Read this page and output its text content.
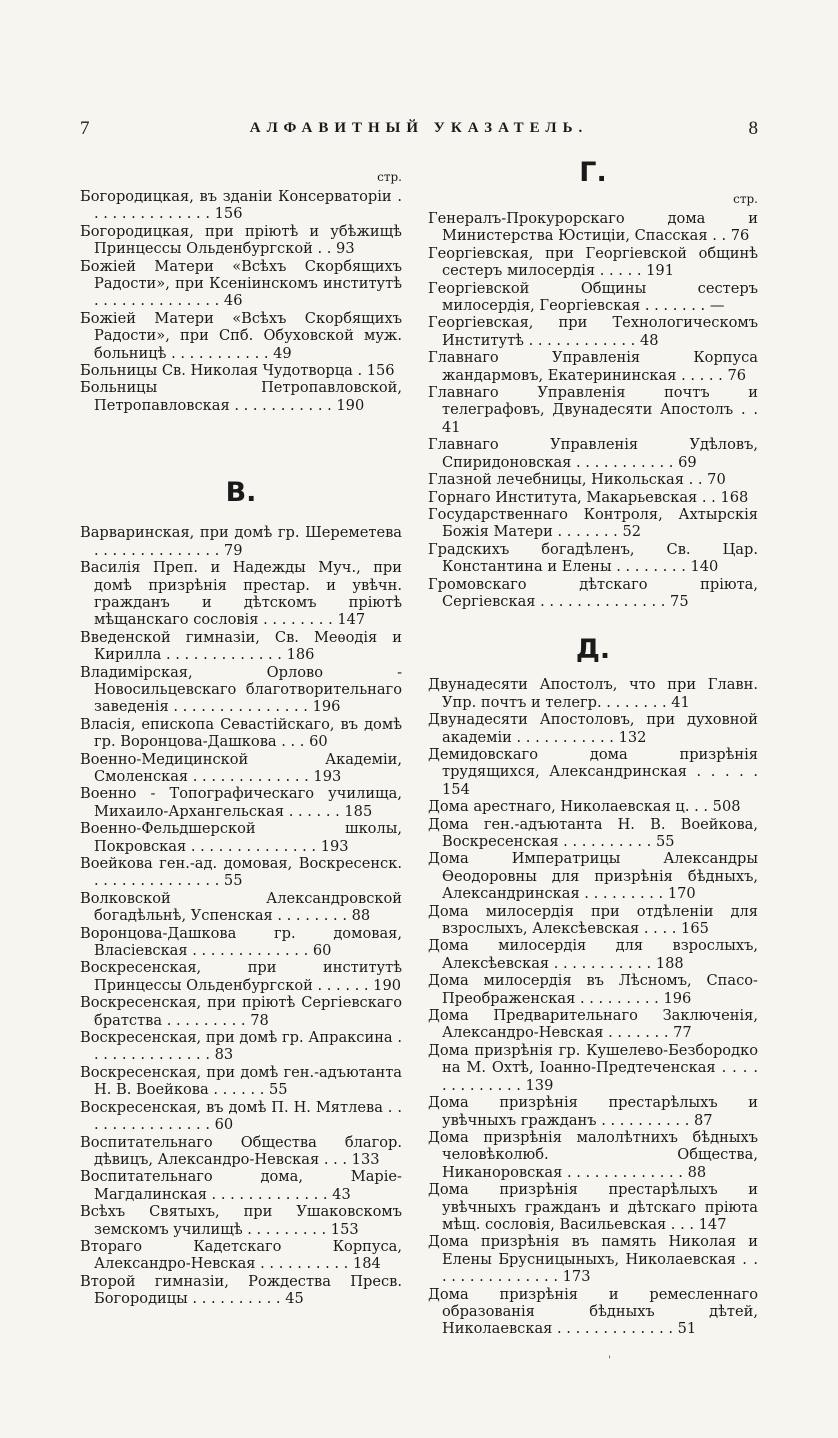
7	АЛФАВИТНЫЙ УКАЗАТЕЛЬ.	8
стр.

Богородицкая, въ зданіи Консерваторіи . . . . . . . . . . . . . . 156

Богородицкая, при пріютѣ и убѣжищѣ Принцессы Ольденбургской . . 93

Божіей Матери «Всѣхъ Скорбящихъ Радости», при Ксеніинскомъ институтѣ . . . . . . . . . . . . . . 46

Божіей Матери «Всѣхъ Скорбящихъ Радости», при Спб. Обуховской муж. больницѣ . . . . . . . . . . . 49

Больницы Св. Николая Чудотворца . 156

Больницы Петропавловской, Петропавловская . . . . . . . . . . . 190

В.

Варваринская, при домѣ гр. Шереметева . . . . . . . . . . . . . . 79

Василія Преп. и Надежды Муч., при домѣ призрѣнія престар. и увѣчн. гражданъ и дѣтскомъ пріютѣ мѣщанскаго сословія . . . . . . . . 147

Введенской гимназіи, Св. Меѳодія и Кирилла . . . . . . . . . . . . . 186

Владимірская, Орлово - Новосильцевскаго благотворительнаго заведенія . . . . . . . . . . . . . . . 196

Власія, епископа Севастійскаго, въ домѣ гр. Воронцова-Дашкова . . . 60

Военно-Медицинской Академіи, Смоленская . . . . . . . . . . . . . 193

Военно - Топографическаго училища, Михаило-Архангельская . . . . . . 185

Военно-Фельдшерской школы, Покровская . . . . . . . . . . . . . . 193

Воейкова ген.-ад. домовая, Воскресенск. . . . . . . . . . . . . . . 55

Волковской Александровской богадѣльнѣ, Успенская . . . . . . . . 88

Воронцова-Дашкова гр. домовая, Власіевская . . . . . . . . . . . . . 60

Воскресенская, при институтѣ Принцессы Ольденбургской . . . . . . 190

Воскресенская, при пріютѣ Сергіевскаго братства . . . . . . . . . 78

Воскресенская, при домѣ гр. Апраксина . . . . . . . . . . . . . . 83

Воскресенская, при домѣ ген.-адъютанта Н. В. Воейкова . . . . . . 55

Воскресенская, въ домѣ П. Н. Мятлева . . . . . . . . . . . . . . . 60

Воспитательнаго Общества благор. дѣвицъ, Александро-Невская . . . 133

Воспитательнаго дома, Маріе-Магдалинская . . . . . . . . . . . . . 43

Всѣхъ Святыхъ, при Ушаковскомъ земскомъ училищѣ . . . . . . . . . 153

Втораго Кадетскаго Корпуса, Александро-Невская . . . . . . . . . . 184

Второй гимназіи, Рождества Пресв. Богородицы . . . . . . . . . . 45

Г.
стр.

Генералъ-Прокурорскаго дома и Министерства Юстиціи, Спасская . . 76

Георгіевская, при Георгіевской общинѣ сестеръ милосердія . . . . . 191

Георгіевской Общины сестеръ милосердія, Георгіевская . . . . . . . —

Георгіевская, при Технологическомъ Институтѣ . . . . . . . . . . . . 48

Главнаго Управленія Корпуса жандармовъ, Екатерининская . . . . . 76

Главнаго Управленія почтъ и телеграфовъ, Двунадесяти Апостолъ . . 41

Главнаго Управленія Удѣловъ, Спиридоновская . . . . . . . . . . . 69

Глазной лечебницы, Никольская . . 70

Горнаго Института, Макарьевская . . 168

Государственнаго Контроля, Ахтырскія Божія Матери . . . . . . . 52

Градскихъ богадѣленъ, Св. Цар. Константина и Елены . . . . . . . . 140

Громовскаго дѣтскаго пріюта, Сергіевская . . . . . . . . . . . . . . 75

Д.

Двунадесяти Апостолъ, что при Главн. Упр. почтъ и телегр. . . . . . . . 41

Двунадесяти Апостоловъ, при духовной академіи . . . . . . . . . . . 132

Демидовскаго дома призрѣнія трудящихся, Александринская . . . . . 154

Дома арестнаго, Николаевская ц. . . 508

Дома ген.-адъютанта Н. В. Воейкова, Воскресенская . . . . . . . . . . 55

Дома Императрицы Александры Ѳеодоровны для призрѣнія бѣдныхъ, Александринская . . . . . . . . . 170

Дома милосердія при отдѣленіи для взрослыхъ, Алексѣевская . . . . 165

Дома милосердія для взрослыхъ, Алексѣевская . . . . . . . . . . . 188

Дома милосердія въ Лѣсномъ, Спасо-Преображенская . . . . . . . . . 196

Дома Предварительнаго Заключенія, Александро-Невская . . . . . . . 77

Дома призрѣнія гр. Кушелево-Безбородко на М. Охтѣ, Іоанно-Предтеченская . . . . . . . . . . . . . 139

Дома призрѣнія престарѣлыхъ и увѣчныхъ гражданъ . . . . . . . . . . 87

Дома призрѣнія малолѣтнихъ бѣдныхъ человѣколюб. Общества, Никаноровская . . . . . . . . . . . . . 88

Дома призрѣнія престарѣлыхъ и увѣчныхъ гражданъ и дѣтскаго пріюта мѣщ. сословія, Васильевская . . . 147

Дома призрѣнія въ память Николая и Елены Брусницыныхъ, Николаевская . . . . . . . . . . . . . . . 173

Дома призрѣнія и ремесленнаго образованія бѣдныхъ дѣтей, Николаевская . . . . . . . . . . . . . 51

'
